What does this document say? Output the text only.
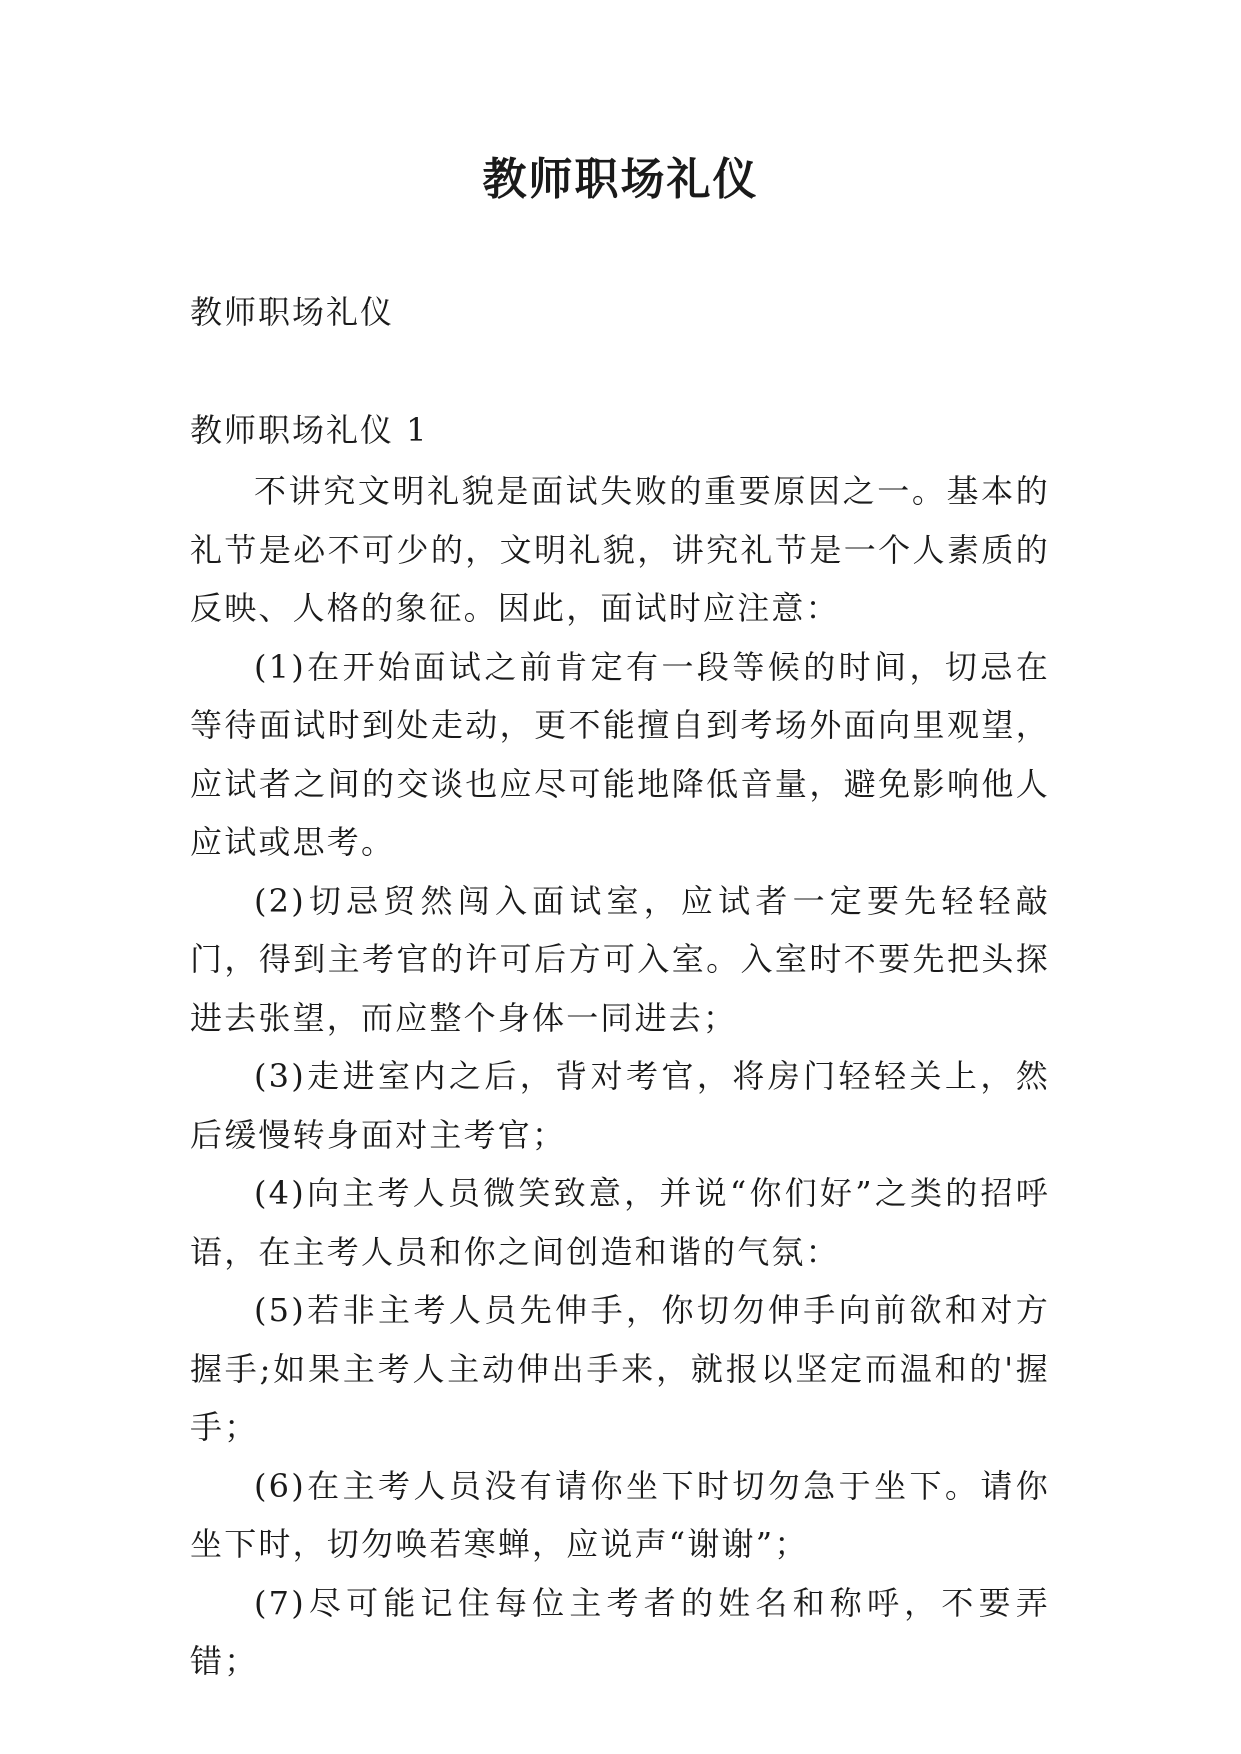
教师职场礼仪
教师职场礼仪
教师职场礼仪 1

不讲究文明礼貌是面试失败的重要原因之一。基本的礼节是必不可少的，文明礼貌，讲究礼节是一个人素质的反映、人格的象征。因此，面试时应注意：

(1)在开始面试之前肯定有一段等候的时间，切忌在等待面试时到处走动，更不能擅自到考场外面向里观望，应试者之间的交谈也应尽可能地降低音量，避免影响他人应试或思考。

(2)切忌贸然闯入面试室，应试者一定要先轻轻敲门，得到主考官的许可后方可入室。入室时不要先把头探进去张望，而应整个身体一同进去；

(3)走进室内之后，背对考官，将房门轻轻关上，然后缓慢转身面对主考官；

(4)向主考人员微笑致意，并说“你们好”之类的招呼语，在主考人员和你之间创造和谐的气氛：

(5)若非主考人员先伸手，你切勿伸手向前欲和对方握手;如果主考人主动伸出手来，就报以坚定而温和的'握手；

(6)在主考人员没有请你坐下时切勿急于坐下。请你坐下时，切勿唤若寒蝉，应说声“谢谢”；

(7)尽可能记住每位主考者的姓名和称呼，不要弄错；
